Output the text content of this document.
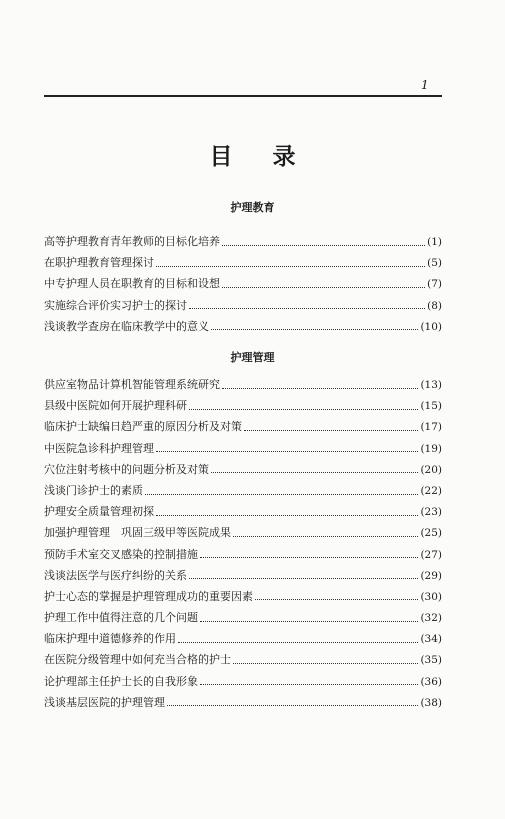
1
目 录
护理教育
高等护理教育青年教师的目标化培养	(1)
在职护理教育管理探讨	(5)
中专护理人员在职教育的目标和设想	(7)
实施综合评价实习护士的探讨	(8)
浅谈教学查房在临床教学中的意义	(10)
护理管理
供应室物品计算机智能管理系统研究	(13)
县级中医院如何开展护理科研	(15)
临床护士缺编日趋严重的原因分析及对策	(17)
中医院急诊科护理管理	(19)
穴位注射考核中的问题分析及对策	(20)
浅谈门诊护士的素质	(22)
护理安全质量管理初探	(23)
加强护理管理　巩固三级甲等医院成果	(25)
预防手术室交叉感染的控制措施	(27)
浅谈法医学与医疗纠纷的关系	(29)
护士心态的掌握是护理管理成功的重要因素	(30)
护理工作中值得注意的几个问题	(32)
临床护理中道德修养的作用	(34)
在医院分级管理中如何充当合格的护士	(35)
论护理部主任护士长的自我形象	(36)
浅谈基层医院的护理管理	(38)
